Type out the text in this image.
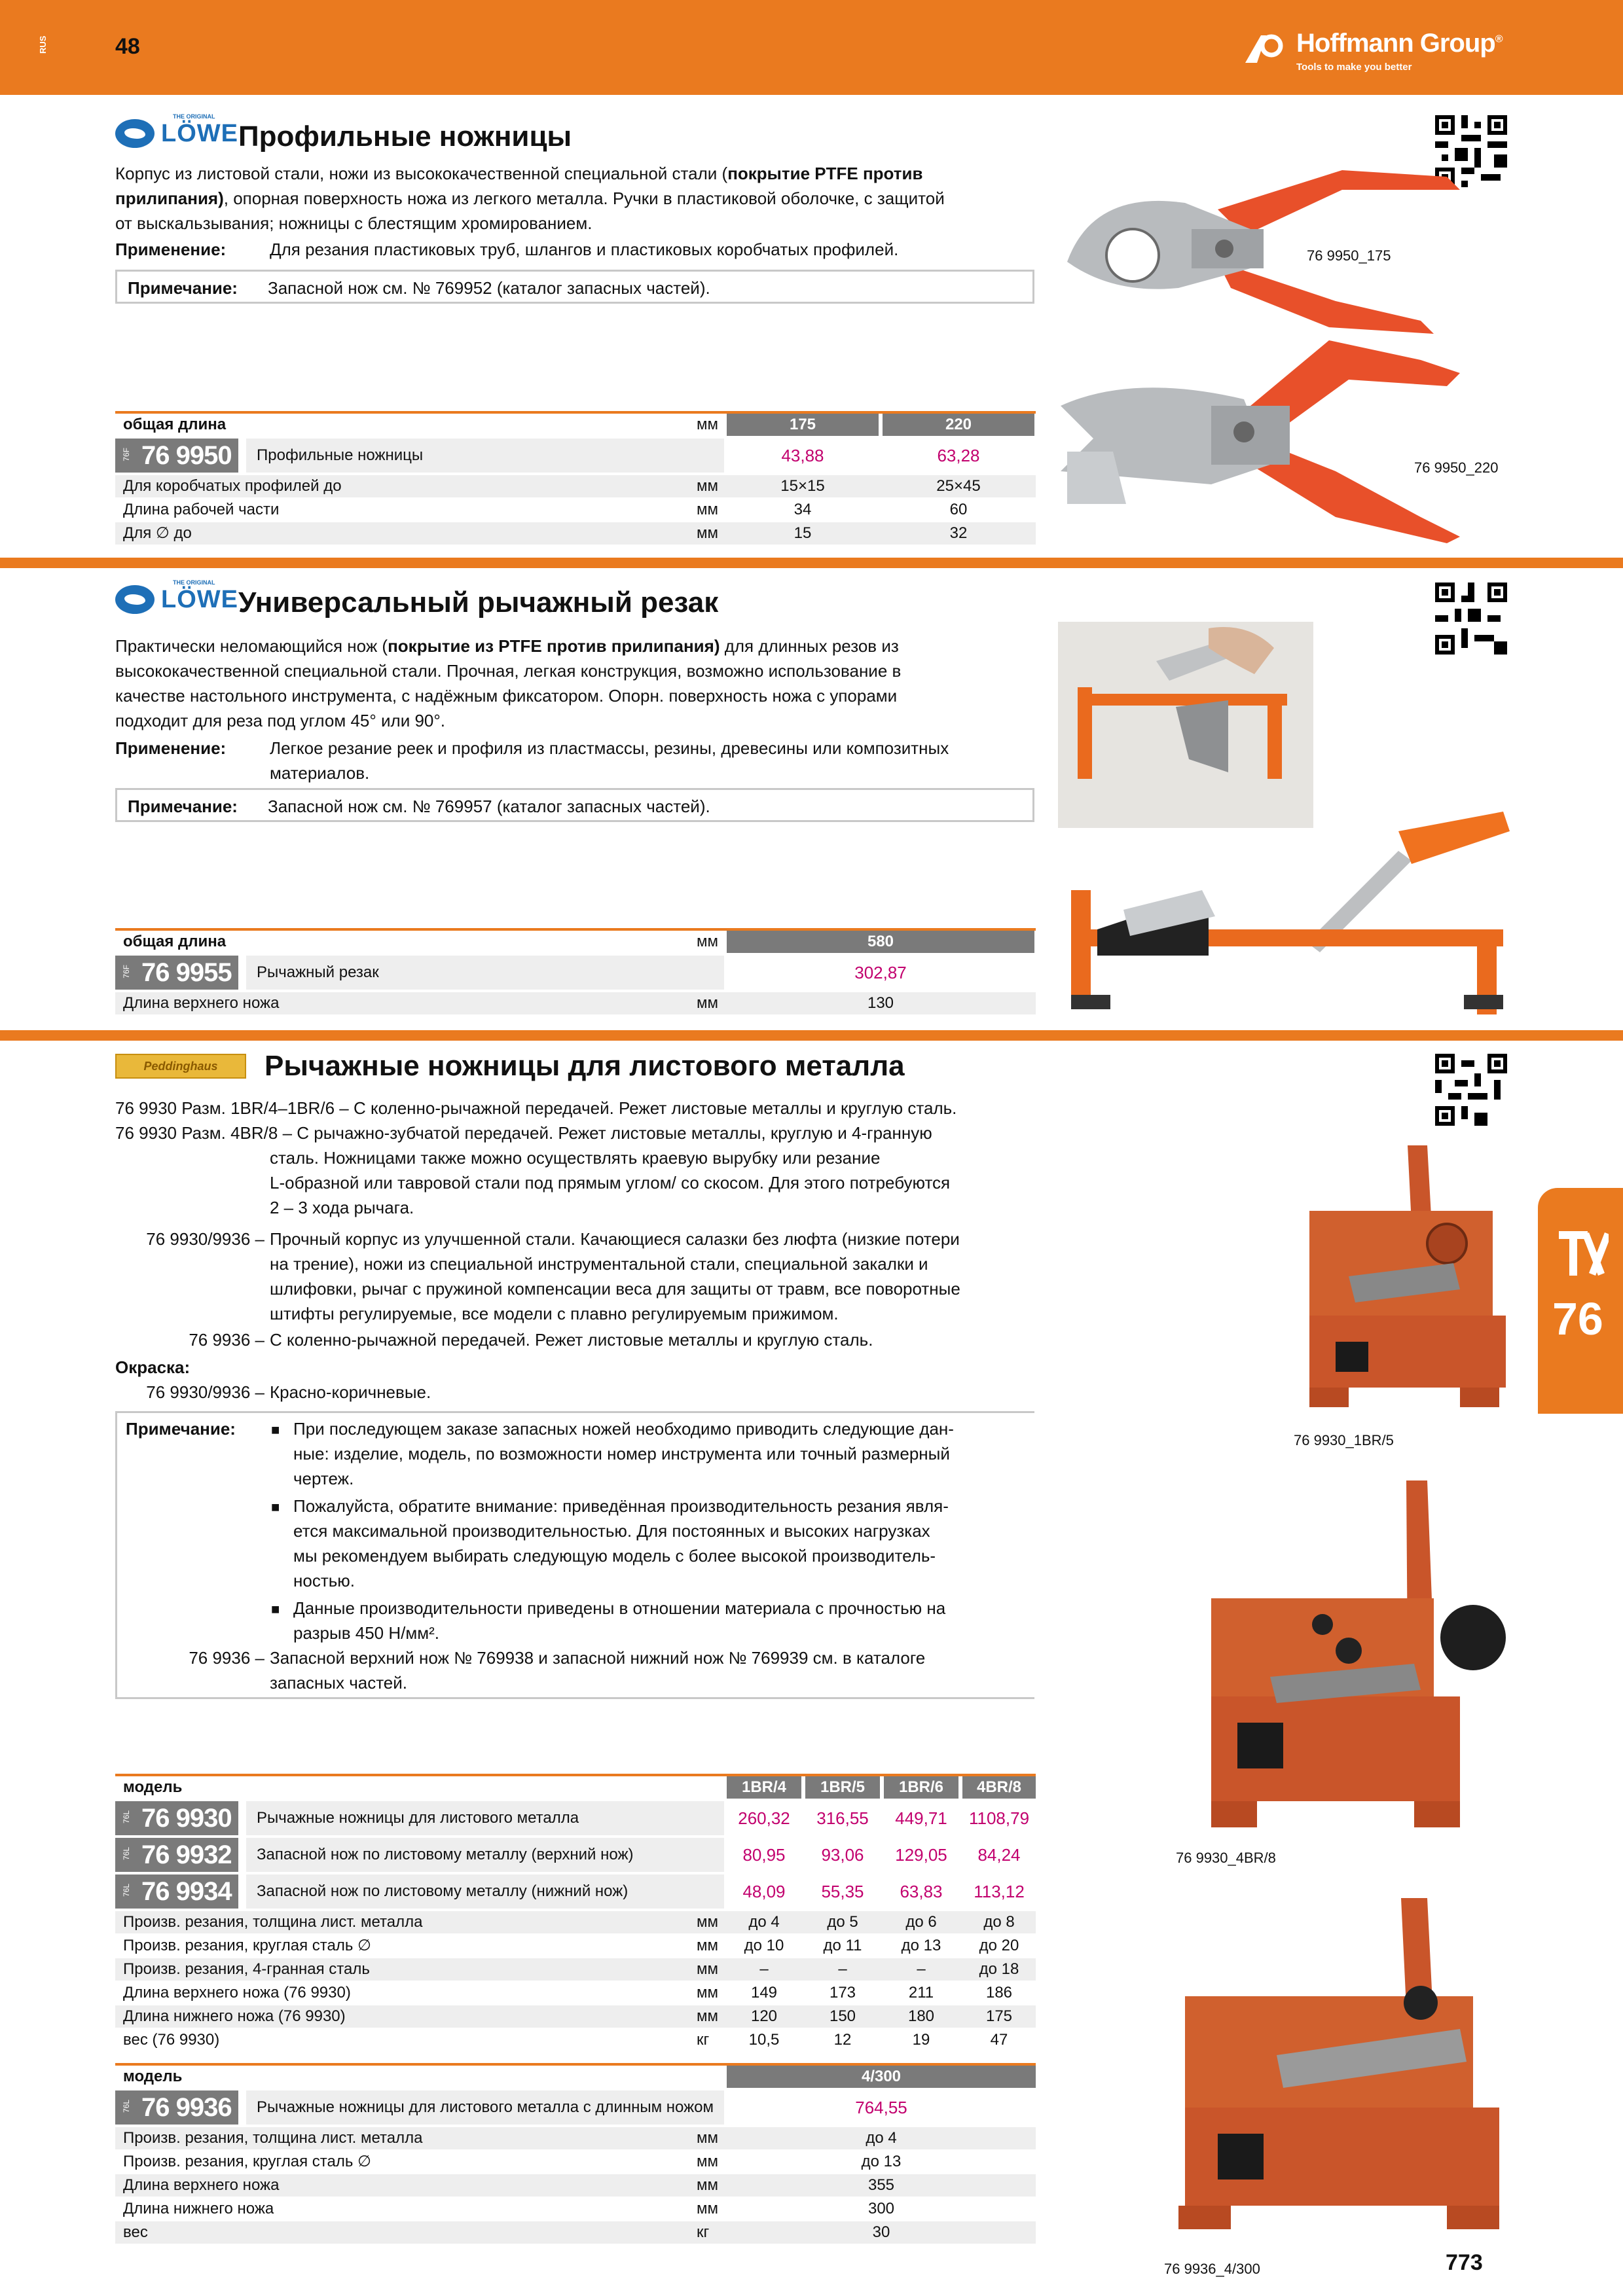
RUS	48	Hoffmann Group®
Tools to make you better
THE ORIGINAL
LÖWE Профильные ножницы
Корпус из листовой стали, ножи из высококачественной специальной стали (покрытие PTFE против
прилипания), опорная поверхность ножа из легкого металла. Ручки в пластиковой оболочке, с защитой
от выскальзывания; ножницы с блестящим хромированием.
Применение:	Для резания пластиковых труб, шлангов и пластиковых коробчатых профилей.
Примечание: Запасной нож см. № 769952 (каталог запасных частей).
76 9950_175
76 9950_220
общая длина	мм	175	220
76F 76 9950 Профильные ножницы	43,88	63,28
Для коробчатых профилей до	мм	15×15	25×45
Длина рабочей части	мм	34	60
Для ∅ до	мм	15	32
THE ORIGINAL
LÖWE Универсальный рычажный резак
Практически неломающийся нож (покрытие из PTFE против прилипания) для длинных резов из
высококачественной специальной стали. Прочная, легкая конструкция, возможно использование в
качестве настольного инструмента, с надёжным фиксатором. Опорн. поверхность ножа с упорами
подходит для реза под углом 45° или 90°.
Применение:	Легкое резание реек и профиля из пластмассы, резины, древесины или композитных
материалов.
Примечание: Запасной нож см. № 769957 (каталог запасных частей).
общая длина	мм	580
76F 76 9955 Рычажный резак	302,87
Длина верхнего ножа	мм	130
Peddinghaus	Рычажные ножницы для листового металла
76 9930 Разм. 1BR/4–1BR/6 – С коленно-рычажной передачей. Режет листовые металлы и круглую сталь.
76 9930 Разм. 4BR/8 – С рычажно-зубчатой передачей. Режет листовые металлы, круглую и 4-гранную
сталь. Ножницами также можно осуществлять краевую вырубку или резание
L-образной или тавровой стали под прямым углом/ со скосом. Для этого потребуются
2 – 3 хода рычага.
76 9930/9936 – Прочный корпус из улучшенной стали. Качающиеся салазки без люфта (низкие потери
на трение), ножи из специальной инструментальной стали, специальной закалки и
шлифовки, рычаг с пружиной компенсации веса для защиты от травм, все поворотные
штифты регулируемые, все модели с плавно регулируемым прижимом.
76 9936 – С коленно-рычажной передачей. Режет листовые металлы и круглую сталь.
Окраска:
76 9930/9936 – Красно-коричневые.
Примечание: ■ При последующем заказе запасных ножей необходимо приводить следующие дан-
ные: изделие, модель, по возможности номер инструмента или точный размерный
чертеж.
■ Пожалуйста, обратите внимание: приведённая производительность резания явля-
ется максимальной производительностью. Для постоянных и высоких нагрузках
мы рекомендуем выбирать следующую модель с более высокой производитель-
ностью.
■ Данные производительности приведены в отношении материала с прочностью на
разрыв 450 Н/мм².
76 9936 – Запасной верхний нож № 769938 и запасной нижний нож № 769939 см. в каталоге
запасных частей.
76 9930_1BR/5
76 9930_4BR/8
76 9936_4/300
модель	1BR/4	1BR/5	1BR/6	4BR/8
76L 76 9930 Рычажные ножницы для листового металла	260,32	316,55	449,71	1108,79
76L 76 9932 Запасной нож по листовому металлу (верхний нож)	80,95	93,06	129,05	84,24
76L 76 9934 Запасной нож по листовому металлу (нижний нож)	48,09	55,35	63,83	113,12
Произв. резания, толщина лист. металла	мм	до 4	до 5	до 6	до 8
Произв. резания, круглая сталь ∅	мм	до 10	до 11	до 13	до 20
Произв. резания, 4-гранная сталь	мм	–	–	–	до 18
Длина верхнего ножа (76 9930)	мм	149	173	211	186
Длина нижнего ножа (76 9930)	мм	120	150	180	175
вес (76 9930)	кг	10,5	12	19	47
модель	4/300
76L 76 9936 Рычажные ножницы для листового металла с длинным ножом	764,55
Произв. резания, толщина лист. металла	мм	до 4
Произв. резания, круглая сталь ∅	мм	до 13
Длина верхнего ножа	мм	355
Длина нижнего ножа	мм	300
вес	кг	30
76
773
